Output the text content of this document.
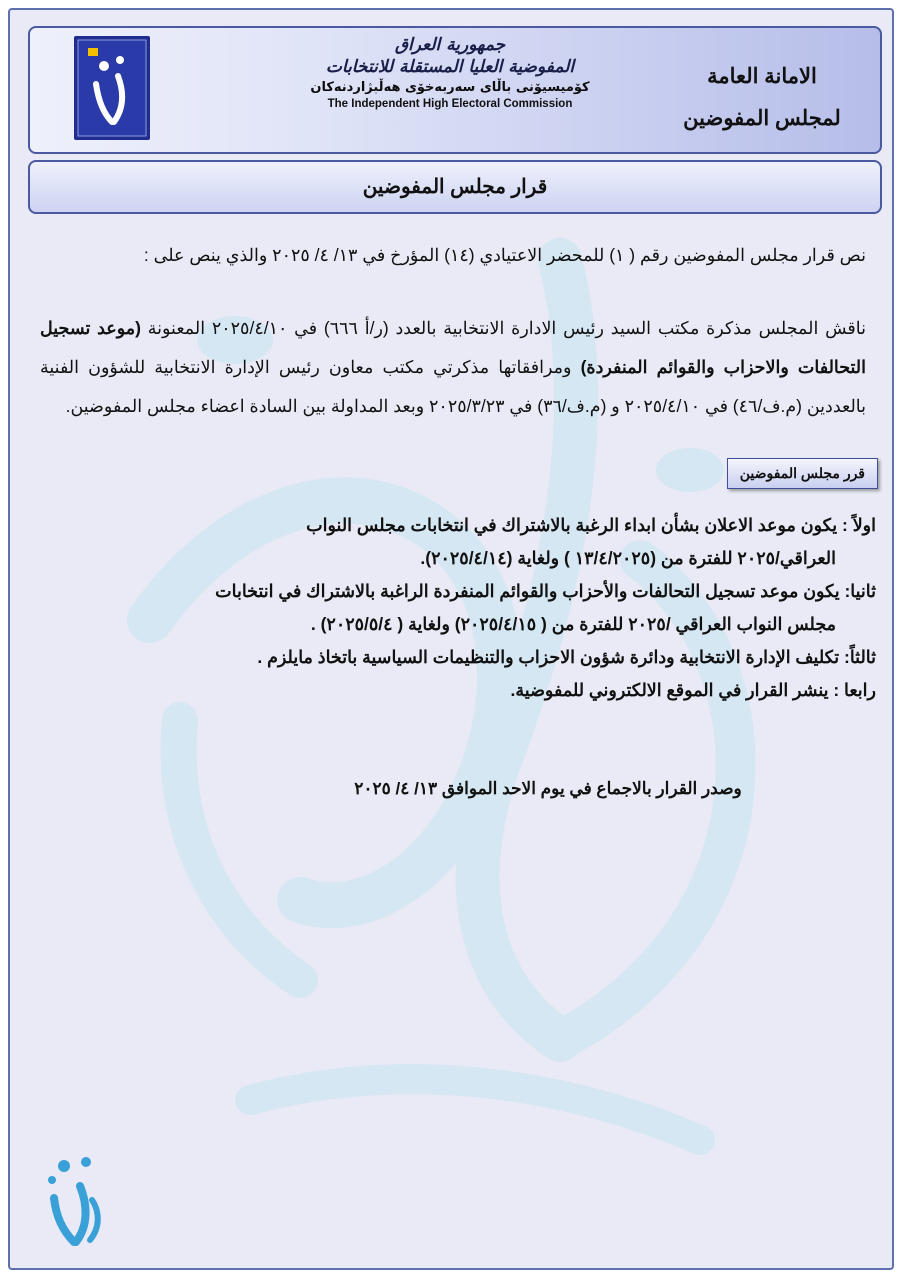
جمهورية العراق
المفوضية العليا المستقلة للانتخابات
كۆمیسیۆنی باڵای سەربەخۆی هەڵبژاردنەكان
The Independent High Electoral Commission
الامانة العامة
لمجلس المفوضين
قرار مجلس المفوضين

نص قرار مجلس المفوضين رقم ( ١) للمحضر الاعتيادي (١٤) المؤرخ في ١٣/ ٤/ ٢٠٢٥ والذي ينص على :

ناقش المجلس مذكرة مكتب السيد رئيس الادارة الانتخابية بالعدد (ر/أ ٦٦٦) في ٢٠٢٥/٤/١٠ المعنونة (موعد تسجيل التحالفات والاحزاب والقوائم المنفردة) ومرافقاتها مذكرتي مكتب معاون رئيس الإدارة الانتخابية للشؤون الفنية بالعددين (م.ف/٤٦) في ٢٠٢٥/٤/١٠ و (م.ف/٣٦) في ٢٠٢٥/٣/٢٣ وبعد المداولة بين السادة اعضاء مجلس المفوضين.

قرر مجلس المفوضين

اولاً : يكون موعد الاعلان بشأن ابداء الرغبة بالاشتراك في انتخابات مجلس النواب
العراقي/٢٠٢٥ للفترة من (١٣/٤/٢٠٢٥ ) ولغاية (٢٠٢٥/٤/١٤).

ثانيا: يكون موعد تسجيل التحالفات والأحزاب والقوائم المنفردة الراغبة بالاشتراك في انتخابات
مجلس النواب العراقي /٢٠٢٥ للفترة من ( ٢٠٢٥/٤/١٥) ولغاية ( ٢٠٢٥/٥/٤) .

ثالثاً: تكليف الإدارة الانتخابية ودائرة شؤون الاحزاب والتنظيمات السياسية باتخاذ مايلزم .

رابعا : ينشر القرار في الموقع الالكتروني للمفوضية.

وصدر القرار بالاجماع في يوم الاحد الموافق ١٣/ ٤/ ٢٠٢٥
